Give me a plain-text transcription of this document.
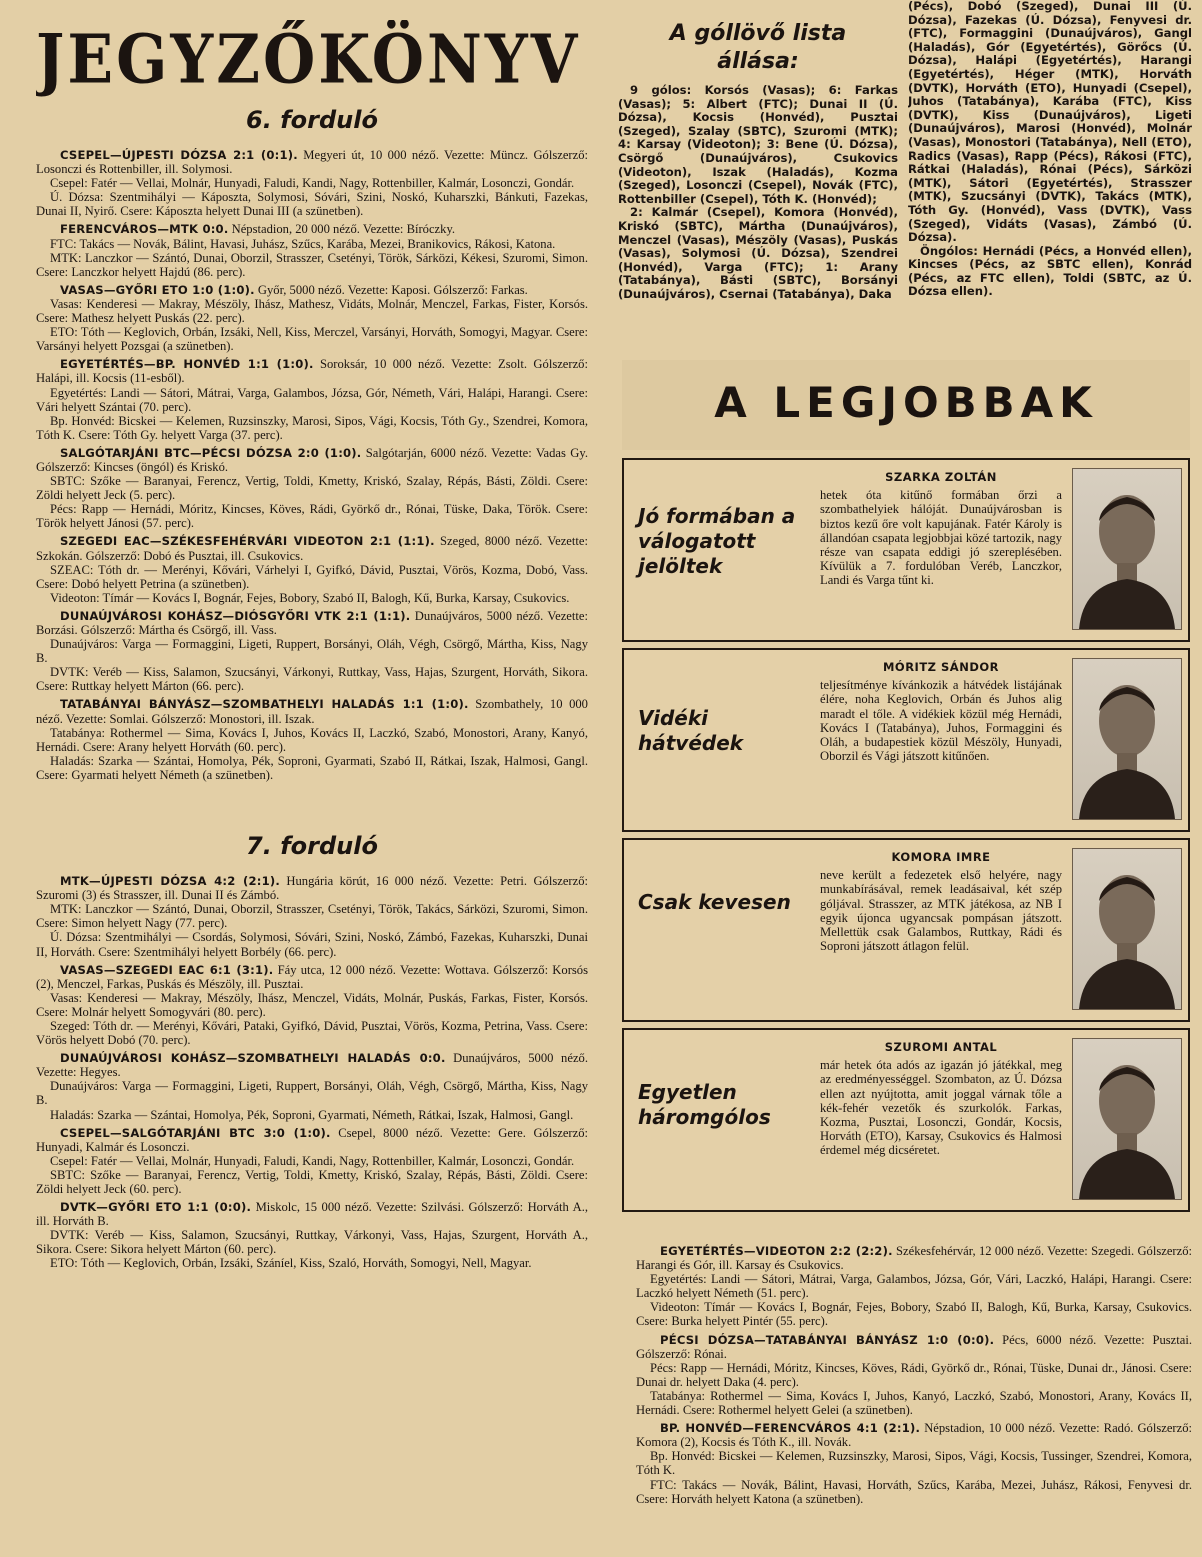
JEGYZŐKÖNYV
6. forduló

CSEPEL—ÚJPESTI DÓZSA 2:1 (0:1). Megyeri út, 10 000 néző. Vezette: Müncz. Gólszerző: Losonczi és Rottenbiller, ill. Solymosi.

Csepel: Fatér — Vellai, Molnár, Hunyadi, Faludi, Kandi, Nagy, Rottenbiller, Kalmár, Losonczi, Gondár.

Ú. Dózsa: Szentmihályi — Káposzta, Solymosi, Sóvári, Szini, Noskó, Kuharszki, Bánkuti, Fazekas, Dunai II, Nyirő. Csere: Káposzta helyett Dunai III (a szünetben).

FERENCVÁROS—MTK 0:0. Népstadion, 20 000 néző. Vezette: Bíróczky.

FTC: Takács — Novák, Bálint, Havasi, Juhász, Szűcs, Karába, Mezei, Branikovics, Rákosi, Katona.

MTK: Lanczkor — Szántó, Dunai, Oborzil, Strasszer, Csetényi, Török, Sárközi, Kékesi, Szuromi, Simon. Csere: Lanczkor helyett Hajdú (86. perc).

VASAS—GYŐRI ETO 1:0 (1:0). Győr, 5000 néző. Vezette: Kaposi. Gólszerző: Farkas.

Vasas: Kenderesi — Makray, Mészöly, Ihász, Mathesz, Vidáts, Molnár, Menczel, Farkas, Fister, Korsós. Csere: Mathesz helyett Puskás (22. perc).

ETO: Tóth — Keglovich, Orbán, Izsáki, Nell, Kiss, Merczel, Varsányi, Horváth, Somogyi, Magyar. Csere: Varsányi helyett Pozsgai (a szünetben).

EGYETÉRTÉS—BP. HONVÉD 1:1 (1:0). Soroksár, 10 000 néző. Vezette: Zsolt. Gólszerző: Halápi, ill. Kocsis (11-esből).

Egyetértés: Landi — Sátori, Mátrai, Varga, Galambos, Józsa, Gór, Németh, Vári, Halápi, Harangi. Csere: Vári helyett Szántai (70. perc).

Bp. Honvéd: Bicskei — Kelemen, Ruzsinszky, Marosi, Sipos, Vági, Kocsis, Tóth Gy., Szendrei, Komora, Tóth K. Csere: Tóth Gy. helyett Varga (37. perc).

SALGÓTARJÁNI BTC—PÉCSI DÓZSA 2:0 (1:0). Salgótarján, 6000 néző. Vezette: Vadas Gy. Gólszerző: Kincses (öngól) és Kriskó.

SBTC: Szőke — Baranyai, Ferencz, Vertig, Toldi, Kmetty, Kriskó, Szalay, Répás, Básti, Zöldi. Csere: Zöldi helyett Jeck (5. perc).

Pécs: Rapp — Hernádi, Móritz, Kincses, Köves, Rádi, Györkő dr., Rónai, Tüske, Daka, Török. Csere: Török helyett Jánosi (57. perc).

SZEGEDI EAC—SZÉKESFEHÉRVÁRI VIDEOTON 2:1 (1:1). Szeged, 8000 néző. Vezette: Szkokán. Gólszerző: Dobó és Pusztai, ill. Csukovics.

SZEAC: Tóth dr. — Merényi, Kővári, Várhelyi I, Gyifkó, Dávid, Pusztai, Vörös, Kozma, Dobó, Vass. Csere: Dobó helyett Petrina (a szünetben).

Videoton: Tímár — Kovács I, Bognár, Fejes, Bobory, Szabó II, Balogh, Kű, Burka, Karsay, Csukovics.

DUNAÚJVÁROSI KOHÁSZ—DIÓSGYŐRI VTK 2:1 (1:1). Dunaújváros, 5000 néző. Vezette: Borzási. Gólszerző: Mártha és Csörgő, ill. Vass.

Dunaújváros: Varga — Formaggini, Ligeti, Ruppert, Borsányi, Oláh, Végh, Csörgő, Mártha, Kiss, Nagy B.

DVTK: Veréb — Kiss, Salamon, Szucsányi, Várkonyi, Ruttkay, Vass, Hajas, Szurgent, Horváth, Sikora. Csere: Ruttkay helyett Márton (66. perc).

TATABÁNYAI BÁNYÁSZ—SZOMBATHELYI HALADÁS 1:1 (1:0). Szombathely, 10 000 néző. Vezette: Somlai. Gólszerző: Monostori, ill. Iszak.

Tatabánya: Rothermel — Sima, Kovács I, Juhos, Kovács II, Laczkó, Szabó, Monostori, Arany, Kanyó, Hernádi. Csere: Arany helyett Horváth (60. perc).

Haladás: Szarka — Szántai, Homolya, Pék, Soproni, Gyarmati, Szabó II, Rátkai, Iszak, Halmosi, Gangl. Csere: Gyarmati helyett Németh (a szünetben).

7. forduló

MTK—ÚJPESTI DÓZSA 4:2 (2:1). Hungária körút, 16 000 néző. Vezette: Petri. Gólszerző: Szuromi (3) és Strasszer, ill. Dunai II és Zámbó.

MTK: Lanczkor — Szántó, Dunai, Oborzil, Strasszer, Csetényi, Török, Takács, Sárközi, Szuromi, Simon. Csere: Simon helyett Nagy (77. perc).

Ú. Dózsa: Szentmihályi — Csordás, Solymosi, Sóvári, Szini, Noskó, Zámbó, Fazekas, Kuharszki, Dunai II, Horváth. Csere: Szentmihályi helyett Borbély (66. perc).

VASAS—SZEGEDI EAC 6:1 (3:1). Fáy utca, 12 000 néző. Vezette: Wottava. Gólszerző: Korsós (2), Menczel, Farkas, Puskás és Mészöly, ill. Pusztai.

Vasas: Kenderesi — Makray, Mészöly, Ihász, Menczel, Vidáts, Molnár, Puskás, Farkas, Fister, Korsós. Csere: Molnár helyett Somogyvári (80. perc).

Szeged: Tóth dr. — Merényi, Kővári, Pataki, Gyifkó, Dávid, Pusztai, Vörös, Kozma, Petrina, Vass. Csere: Vörös helyett Dobó (70. perc).

DUNAÚJVÁROSI KOHÁSZ—SZOMBATHELYI HALADÁS 0:0. Dunaújváros, 5000 néző. Vezette: Hegyes.

Dunaújváros: Varga — Formaggini, Ligeti, Ruppert, Borsányi, Oláh, Végh, Csörgő, Mártha, Kiss, Nagy B.

Haladás: Szarka — Szántai, Homolya, Pék, Soproni, Gyarmati, Németh, Rátkai, Iszak, Halmosi, Gangl.

CSEPEL—SALGÓTARJÁNI BTC 3:0 (1:0). Csepel, 8000 néző. Vezette: Gere. Gólszerző: Hunyadi, Kalmár és Losonczi.

Csepel: Fatér — Vellai, Molnár, Hunyadi, Faludi, Kandi, Nagy, Rottenbiller, Kalmár, Losonczi, Gondár.

SBTC: Szőke — Baranyai, Ferencz, Vertig, Toldi, Kmetty, Kriskó, Szalay, Répás, Básti, Zöldi. Csere: Zöldi helyett Jeck (60. perc).

DVTK—GYŐRI ETO 1:1 (0:0). Miskolc, 15 000 néző. Vezette: Szilvási. Gólszerző: Horváth A., ill. Horváth B.

DVTK: Veréb — Kiss, Salamon, Szucsányi, Ruttkay, Várkonyi, Vass, Hajas, Szurgent, Horváth A., Sikora. Csere: Sikora helyett Márton (60. perc).

ETO: Tóth — Keglovich, Orbán, Izsáki, Száníel, Kiss, Szaló, Horváth, Somogyi, Nell, Magyar.

A góllövő lista
állása:

9 gólos: Korsós (Vasas); 6: Farkas (Vasas); 5: Albert (FTC); Dunai II (Ú. Dózsa), Kocsis (Honvéd), Pusztai (Szeged), Szalay (SBTC), Szuromi (MTK); 4: Karsay (Videoton); 3: Bene (Ú. Dózsa), Csörgő (Dunaújváros), Csukovics (Videoton), Iszak (Haladás), Kozma (Szeged), Losonczi (Csepel), Novák (FTC), Rottenbiller (Csepel), Tóth K. (Honvéd);

2: Kalmár (Csepel), Komora (Honvéd), Kriskó (SBTC), Mártha (Dunaújváros), Menczel (Vasas), Mészöly (Vasas), Puskás (Vasas), Solymosi (Ú. Dózsa), Szendrei (Honvéd), Varga (FTC); 1: Arany (Tatabánya), Básti (SBTC), Borsányi (Dunaújváros), Csernai (Tatabánya), Daka

(Pécs), Dobó (Szeged), Dunai III (Ú. Dózsa), Fazekas (Ú. Dózsa), Fenyvesi dr. (FTC), Formaggini (Dunaújváros), Gangl (Haladás), Gór (Egyetértés), Görőcs (Ú. Dózsa), Halápi (Egyetértés), Harangi (Egyetértés), Héger (MTK), Horváth (DVTK), Horváth (ETO), Hunyadi (Csepel), Juhos (Tatabánya), Karába (FTC), Kiss (DVTK), Kiss (Dunaújváros), Ligeti (Dunaújváros), Marosi (Honvéd), Molnár (Vasas), Monostori (Tatabánya), Nell (ETO), Radics (Vasas), Rapp (Pécs), Rákosi (FTC), Rátkai (Haladás), Rónai (Pécs), Sárközi (MTK), Sátori (Egyetértés), Strasszer (MTK), Szucsányi (DVTK), Takács (MTK), Tóth Gy. (Honvéd), Vass (DVTK), Vass (Szeged), Vidáts (Vasas), Zámbó (Ú. Dózsa).

Öngólos: Hernádi (Pécs, a Honvéd ellen), Kincses (Pécs, az SBTC ellen), Konrád (Pécs, az FTC ellen), Toldi (SBTC, az Ú. Dózsa ellen).

A LEGJOBBAK
Jó formában a válogatott jelöltek
SZARKA ZOLTÁN
hetek óta kitűnő formában őrzi a szombathelyiek hálóját. Dunaújvárosban is biztos kezű őre volt kapujának. Fatér Károly is állandóan csapata legjobbjai közé tartozik, nagy része van csapata eddigi jó szereplésében. Kívülük a 7. fordulóban Veréb, Lanczkor, Landi és Varga tűnt ki.
Vidéki hátvédek
MÓRITZ SÁNDOR
teljesítménye kívánkozik a hátvédek listájának élére, noha Keglovich, Orbán és Juhos alig maradt el tőle. A vidékiek közül még Hernádi, Kovács I (Tatabánya), Juhos, Formaggini és Oláh, a budapestiek közül Mészöly, Hunyadi, Oborzil és Vági játszott kitűnően.
Csak kevesen
KOMORA IMRE
neve került a fedezetek első helyére, nagy munkabírásával, remek leadásaival, két szép góljával. Strasszer, az MTK játékosa, az NB I egyik újonca ugyancsak pompásan játszott. Mellettük csak Galambos, Ruttkay, Rádi és Soproni játszott átlagon felül.
Egyetlen háromgólos
SZUROMI ANTAL
már hetek óta adós az igazán jó játékkal, meg az eredményességgel. Szombaton, az Ú. Dózsa ellen azt nyújtotta, amit joggal várnak tőle a kék-fehér vezetők és szurkolók. Farkas, Kozma, Pusztai, Losonczi, Gondár, Kocsis, Horváth (ETO), Karsay, Csukovics és Halmosi érdemel még dicséretet.

EGYETÉRTÉS—VIDEOTON 2:2 (2:2). Székesfehérvár, 12 000 néző. Vezette: Szegedi. Gólszerző: Harangi és Gór, ill. Karsay és Csukovics.

Egyetértés: Landi — Sátori, Mátrai, Varga, Galambos, Józsa, Gór, Vári, Laczkó, Halápi, Harangi. Csere: Laczkó helyett Németh (51. perc).

Videoton: Tímár — Kovács I, Bognár, Fejes, Bobory, Szabó II, Balogh, Kű, Burka, Karsay, Csukovics. Csere: Burka helyett Pintér (55. perc).

PÉCSI DÓZSA—TATABÁNYAI BÁNYÁSZ 1:0 (0:0). Pécs, 6000 néző. Vezette: Pusztai. Gólszerző: Rónai.

Pécs: Rapp — Hernádi, Móritz, Kincses, Köves, Rádi, Györkő dr., Rónai, Tüske, Dunai dr., Jánosi. Csere: Dunai dr. helyett Daka (4. perc).

Tatabánya: Rothermel — Sima, Kovács I, Juhos, Kanyó, Laczkó, Szabó, Monostori, Arany, Kovács II, Hernádi. Csere: Rothermel helyett Gelei (a szünetben).

BP. HONVÉD—FERENCVÁROS 4:1 (2:1). Népstadion, 10 000 néző. Vezette: Radó. Gólszerző: Komora (2), Kocsis és Tóth K., ill. Novák.

Bp. Honvéd: Bicskei — Kelemen, Ruzsinszky, Marosi, Sipos, Vági, Kocsis, Tussinger, Szendrei, Komora, Tóth K.

FTC: Takács — Novák, Bálint, Havasi, Horváth, Szűcs, Karába, Mezei, Juhász, Rákosi, Fenyvesi dr. Csere: Horváth helyett Katona (a szünetben).
